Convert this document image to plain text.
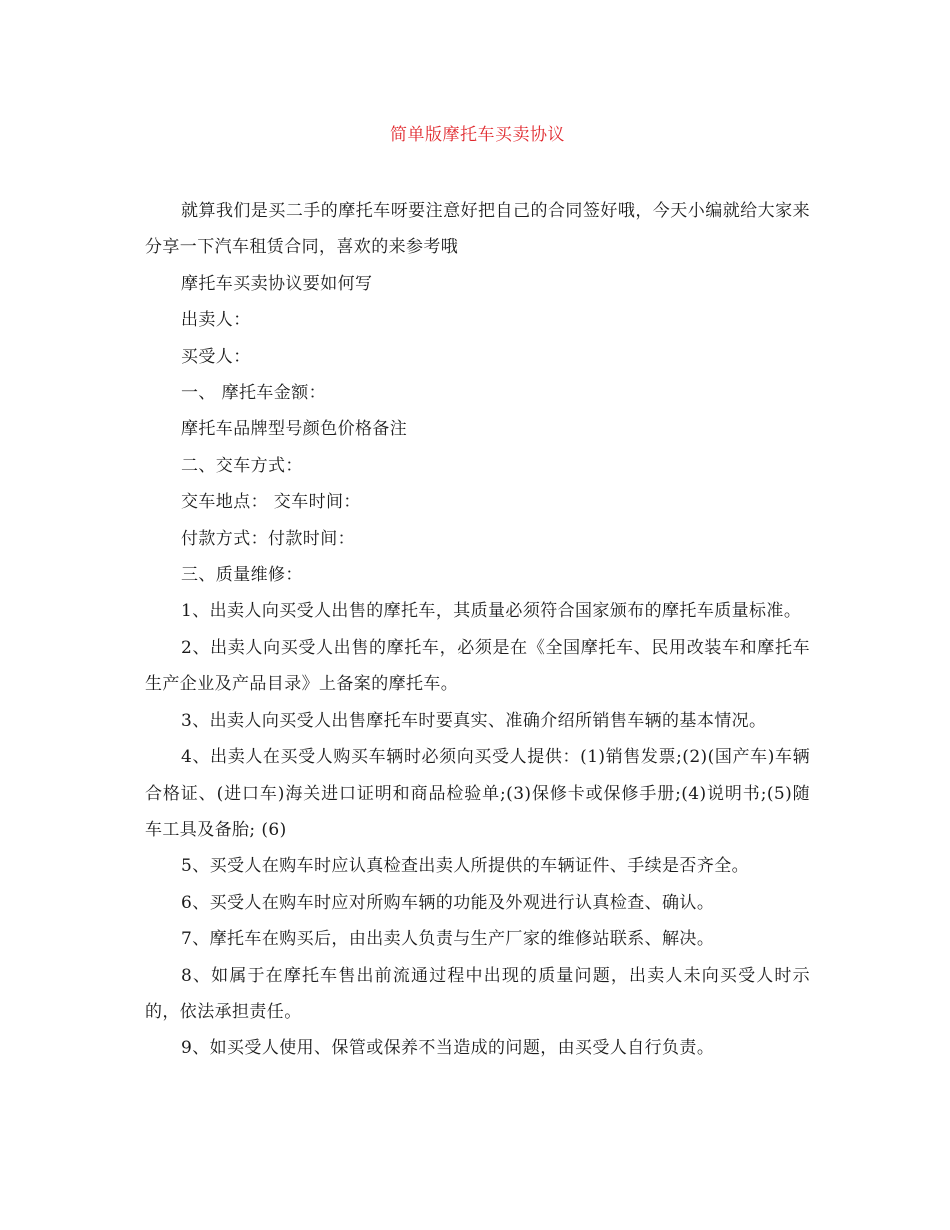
简单版摩托车买卖协议

就算我们是买二手的摩托车呀要注意好把自己的合同签好哦，今天小编就给大家来分享一下汽车租赁合同，喜欢的来参考哦

摩托车买卖协议要如何写

出卖人：

买受人：

一、 摩托车金额：

摩托车品牌型号颜色价格备注

二、交车方式：

交车地点： 交车时间：

付款方式：付款时间：

三、质量维修：

1、出卖人向买受人出售的摩托车，其质量必须符合国家颁布的摩托车质量标准。

2、出卖人向买受人出售的摩托车，必须是在《全国摩托车、民用改装车和摩托车生产企业及产品目录》上备案的摩托车。

3、出卖人向买受人出售摩托车时要真实、准确介绍所销售车辆的基本情况。

4、出卖人在买受人购买车辆时必须向买受人提供：(1)销售发票;(2)(国产车)车辆合格证、(进口车)海关进口证明和商品检验单;(3)保修卡或保修手册;(4)说明书;(5)随车工具及备胎; (6)

5、买受人在购车时应认真检查出卖人所提供的车辆证件、手续是否齐全。

6、买受人在购车时应对所购车辆的功能及外观进行认真检查、确认。

7、摩托车在购买后，由出卖人负责与生产厂家的维修站联系、解决。

8、如属于在摩托车售出前流通过程中出现的质量问题，出卖人未向买受人时示的，依法承担责任。

9、如买受人使用、保管或保养不当造成的问题，由买受人自行负责。
